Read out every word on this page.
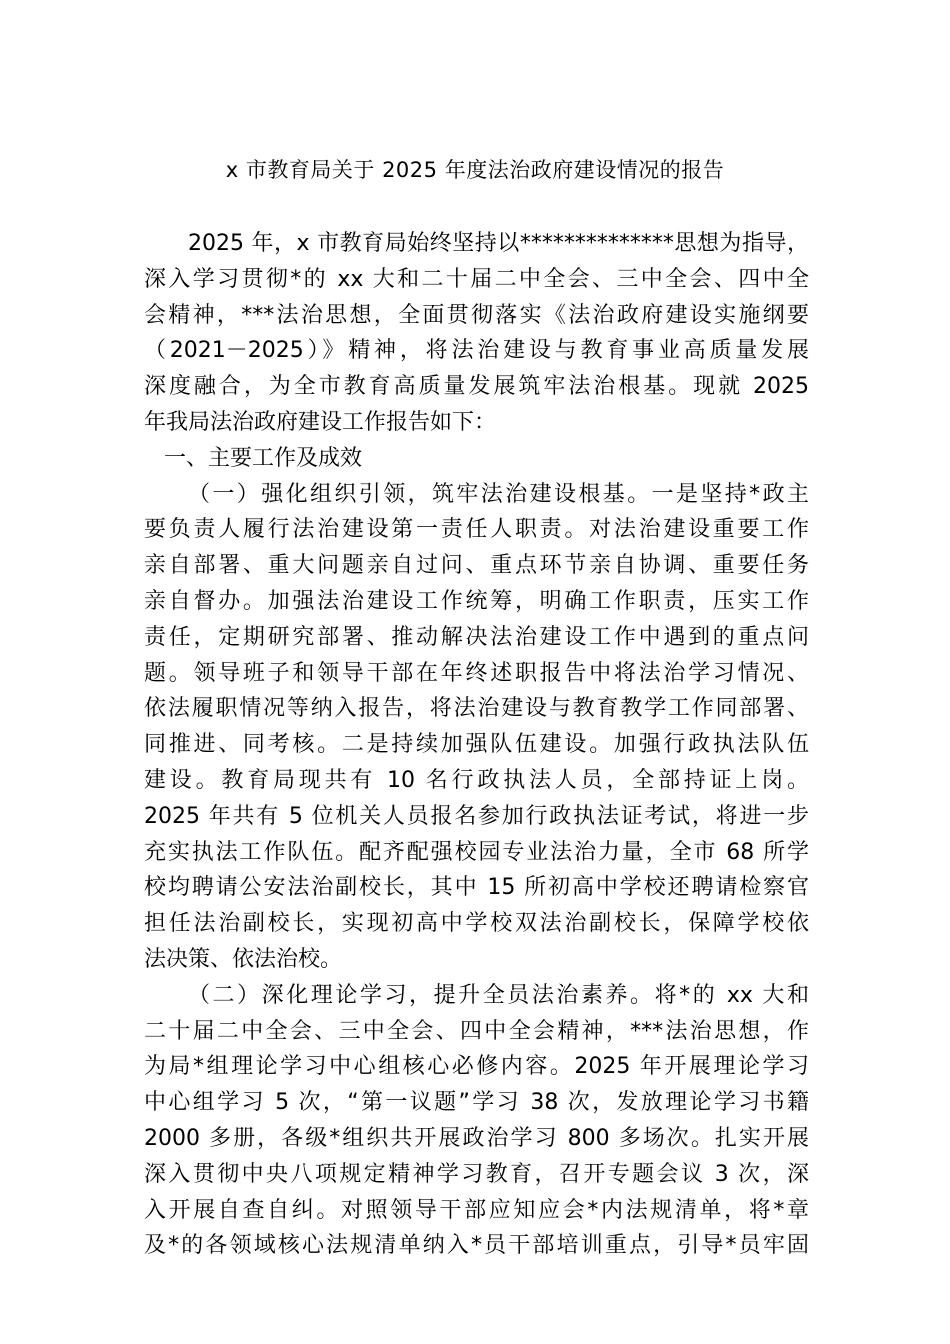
x 市教育局关于 2025 年度法治政府建设情况的报告
2025 年，x 市教育局始终坚持以**************思想为指导，
深入学习贯彻*的 xx 大和二十届二中全会、三中全会、四中全
会精神，***法治思想，全面贯彻落实《法治政府建设实施纲要
（2021－2025）》精神，将法治建设与教育事业高质量发展
深度融合，为全市教育高质量发展筑牢法治根基。现就 2025
年我局法治政府建设工作报告如下：
一、主要工作及成效
（一）强化组织引领，筑牢法治建设根基。一是坚持*政主
要负责人履行法治建设第一责任人职责。对法治建设重要工作
亲自部署、重大问题亲自过问、重点环节亲自协调、重要任务
亲自督办。加强法治建设工作统筹，明确工作职责，压实工作
责任，定期研究部署、推动解决法治建设工作中遇到的重点问
题。领导班子和领导干部在年终述职报告中将法治学习情况、
依法履职情况等纳入报告，将法治建设与教育教学工作同部署、
同推进、同考核。二是持续加强队伍建设。加强行政执法队伍
建设。教育局现共有 10 名行政执法人员，全部持证上岗。
2025 年共有 5 位机关人员报名参加行政执法证考试，将进一步
充实执法工作队伍。配齐配强校园专业法治力量，全市 68 所学
校均聘请公安法治副校长，其中 15 所初高中学校还聘请检察官
担任法治副校长，实现初高中学校双法治副校长，保障学校依
法决策、依法治校。
（二）深化理论学习，提升全员法治素养。将*的 xx 大和
二十届二中全会、三中全会、四中全会精神，***法治思想，作
为局*组理论学习中心组核心必修内容。2025 年开展理论学习
中心组学习 5 次，“第一议题”学习 38 次，发放理论学习书籍
2000 多册，各级*组织共开展政治学习 800 多场次。扎实开展
深入贯彻中央八项规定精神学习教育，召开专题会议 3 次，深
入开展自查自纠。对照领导干部应知应会*内法规清单，将*章
及*的各领域核心法规清单纳入*员干部培训重点，引导*员牢固
